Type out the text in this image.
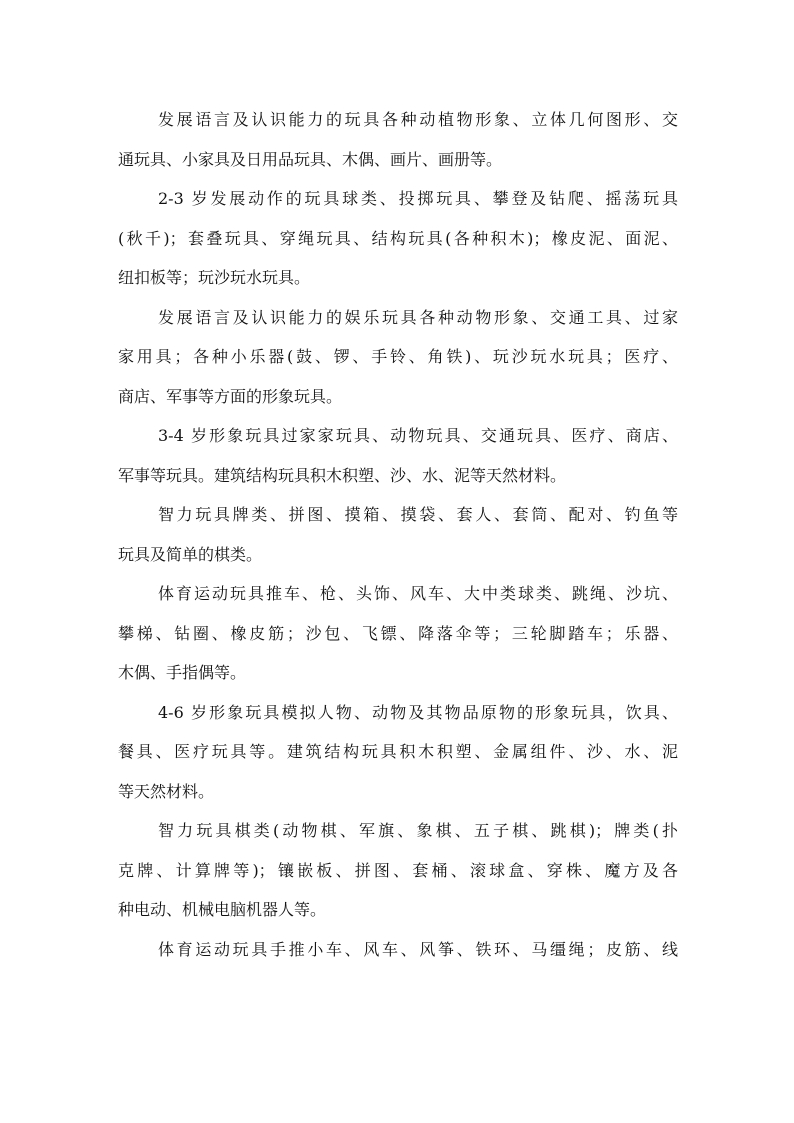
发展语言及认识能力的玩具各种动植物形象、立体几何图形、交
通玩具、小家具及日用品玩具、木偶、画片、画册等。
2-3 岁发展动作的玩具球类、投掷玩具、攀登及钻爬、摇荡玩具
(秋千)；套叠玩具、穿绳玩具、结构玩具(各种积木)；橡皮泥、面泥、
纽扣板等；玩沙玩水玩具。
发展语言及认识能力的娱乐玩具各种动物形象、交通工具、过家
家用具；各种小乐器(鼓、锣、手铃、角铁)、玩沙玩水玩具；医疗、
商店、军事等方面的形象玩具。
3-4 岁形象玩具过家家玩具、动物玩具、交通玩具、医疗、商店、
军事等玩具。建筑结构玩具积木积塑、沙、水、泥等天然材料。
智力玩具牌类、拼图、摸箱、摸袋、套人、套筒、配对、钓鱼等
玩具及简单的棋类。
体育运动玩具推车、枪、头饰、风车、大中类球类、跳绳、沙坑、
攀梯、钻圈、橡皮筋；沙包、飞镖、降落伞等；三轮脚踏车；乐器、
木偶、手指偶等。
4-6 岁形象玩具模拟人物、动物及其物品原物的形象玩具，饮具、
餐具、医疗玩具等。建筑结构玩具积木积塑、金属组件、沙、水、泥
等天然材料。
智力玩具棋类(动物棋、军旗、象棋、五子棋、跳棋)；牌类(扑
克牌、计算牌等)；镶嵌板、拼图、套桶、滚球盒、穿株、魔方及各
种电动、机械电脑机器人等。
体育运动玩具手推小车、风车、风筝、铁环、马缰绳；皮筋、线
